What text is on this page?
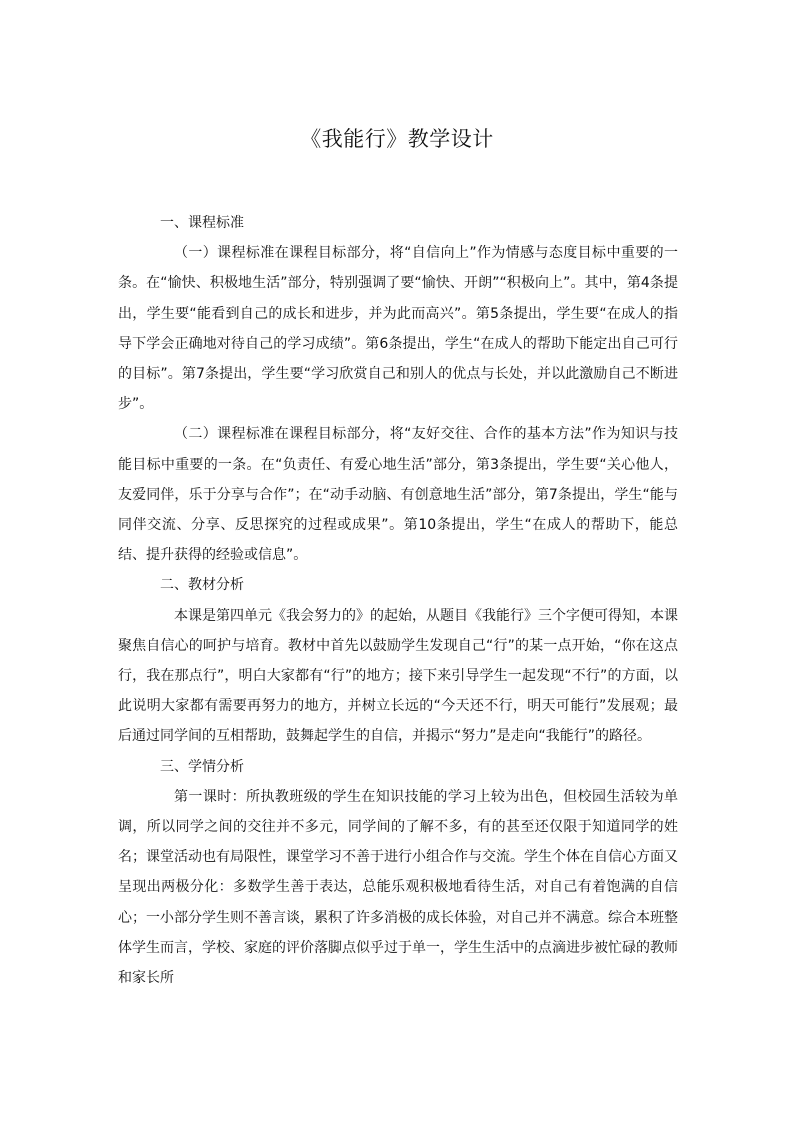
《我能行》教学设计

一、课程标准

（一）课程标准在课程目标部分，将“自信向上”作为情感与态度目标中重要的一条。在“愉快、积极地生活”部分，特别强调了要“愉快、开朗”“积极向上”。其中，第4条提出，学生要“能看到自己的成长和进步，并为此而高兴”。第5条提出，学生要“在成人的指导下学会正确地对待自己的学习成绩”。第6条提出，学生“在成人的帮助下能定出自己可行的目标”。第7条提出，学生要“学习欣赏自己和别人的优点与长处，并以此激励自己不断进步”。

（二）课程标准在课程目标部分，将“友好交往、合作的基本方法”作为知识与技能目标中重要的一条。在“负责任、有爱心地生活”部分，第3条提出，学生要“关心他人，友爱同伴，乐于分享与合作”；在“动手动脑、有创意地生活”部分，第7条提出，学生“能与同伴交流、分享、反思探究的过程或成果”。第10条提出，学生“在成人的帮助下，能总结、提升获得的经验或信息”。

二、教材分析

本课是第四单元《我会努力的》的起始，从题目《我能行》三个字便可得知，本课聚焦自信心的呵护与培育。教材中首先以鼓励学生发现自己“行”的某一点开始，“你在这点行，我在那点行”，明白大家都有“行”的地方；接下来引导学生一起发现“不行”的方面，以此说明大家都有需要再努力的地方，并树立长远的“今天还不行，明天可能行”发展观；最后通过同学间的互相帮助，鼓舞起学生的自信，并揭示“努力”是走向“我能行”的路径。

三、学情分析

第一课时：所执教班级的学生在知识技能的学习上较为出色，但校园生活较为单调，所以同学之间的交往并不多元，同学间的了解不多，有的甚至还仅限于知道同学的姓名；课堂活动也有局限性，课堂学习不善于进行小组合作与交流。学生个体在自信心方面又呈现出两极分化：多数学生善于表达，总能乐观积极地看待生活，对自己有着饱满的自信心；一小部分学生则不善言谈，累积了许多消极的成长体验，对自己并不满意。综合本班整体学生而言，学校、家庭的评价落脚点似乎过于单一，学生生活中的点滴进步被忙碌的教师和家长所
